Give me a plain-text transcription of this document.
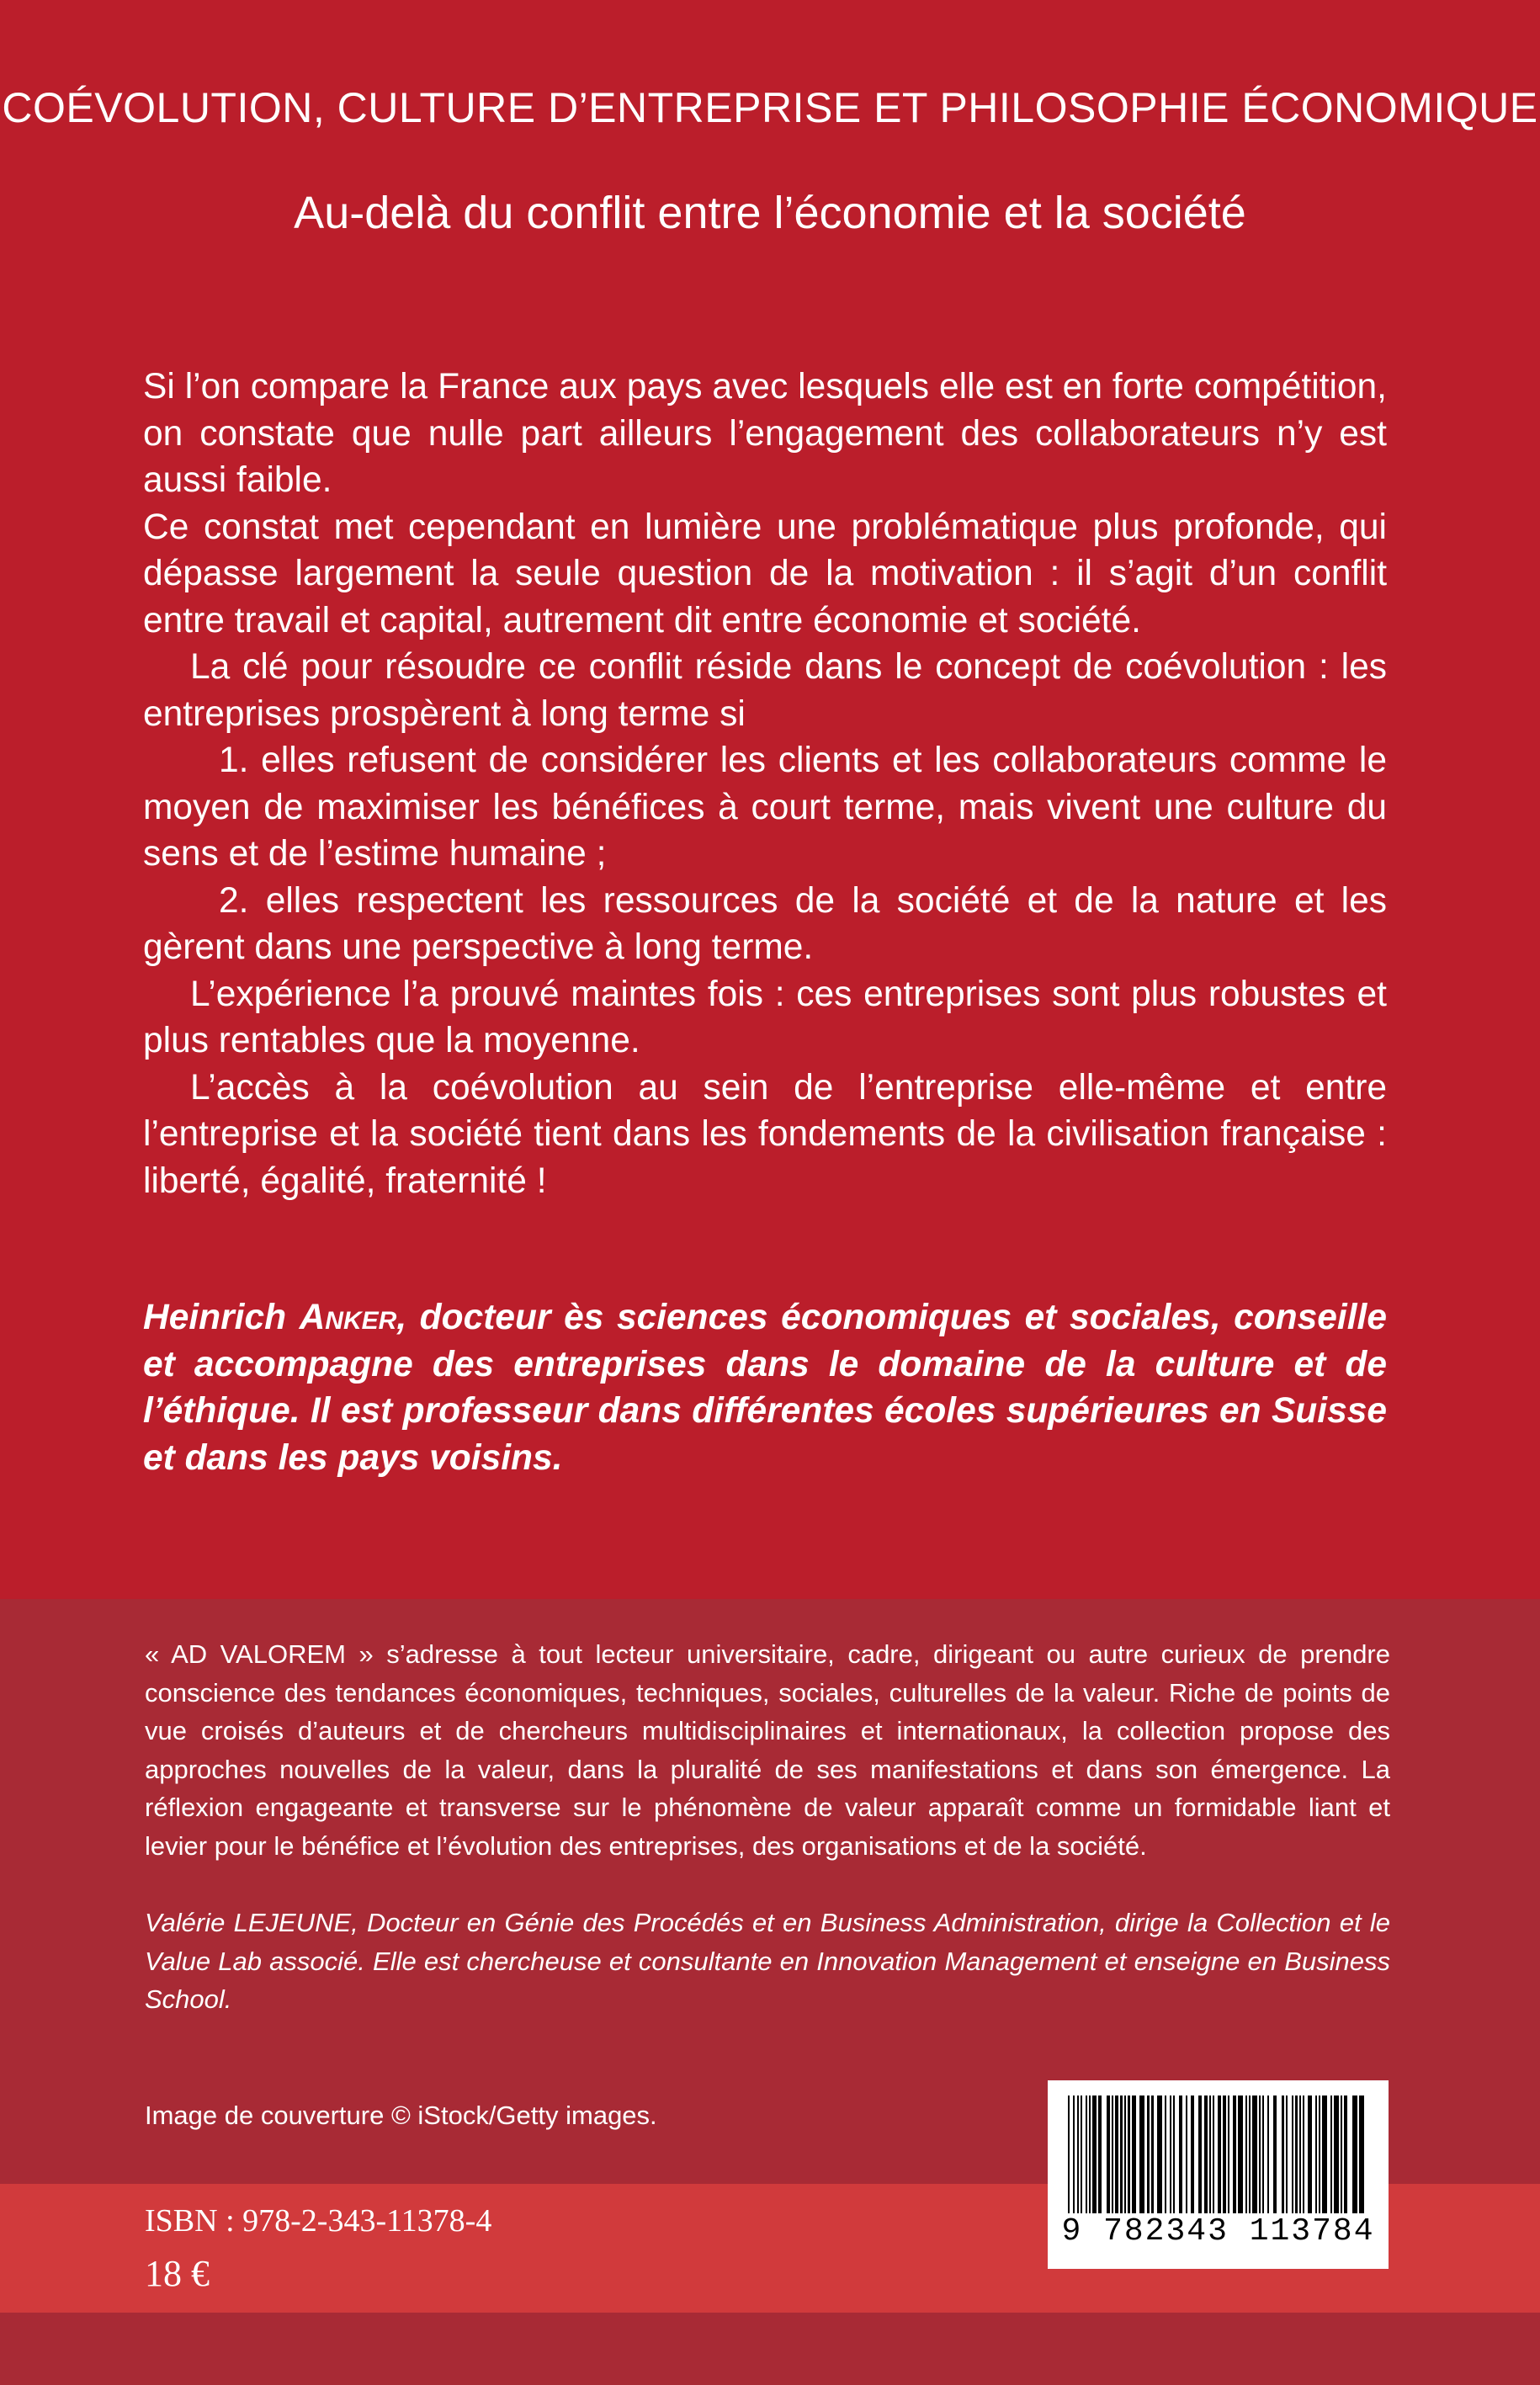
COÉVOLUTION, CULTURE D’ENTREPRISE ET PHILOSOPHIE ÉCONOMIQUE
Au-delà du conflit entre l’économie et la société

Si l’on compare la France aux pays avec lesquels elle est en forte compétition, on constate que nulle part ailleurs l’engagement des collaborateurs n’y est aussi faible.

Ce constat met cependant en lumière une problématique plus profonde, qui dépasse largement la seule question de la motivation : il s’agit d’un conflit entre travail et capital, autrement dit entre économie et société.

La clé pour résoudre ce conflit réside dans le concept de coévolution : les entreprises prospèrent à long terme si

1. elles refusent de considérer les clients et les collaborateurs comme le moyen de maximiser les bénéfices à court terme, mais vivent une culture du sens et de l’estime humaine ;

2. elles respectent les ressources de la société et de la nature et les gèrent dans une perspective à long terme.

L’expérience l’a prouvé maintes fois : ces entreprises sont plus robustes et plus rentables que la moyenne.

L’accès à la coévolution au sein de l’entreprise elle-même et entre l’entreprise et la société tient dans les fondements de la civilisation française : liberté, égalité, fraternité !

Heinrich Anker, docteur ès sciences économiques et sociales, conseille et accompagne des entreprises dans le domaine de la culture et de l’éthique. Il est professeur dans différentes écoles supérieures en Suisse et dans les pays voisins.
« AD VALOREM » s’adresse à tout lecteur universitaire, cadre, dirigeant ou autre curieux de prendre conscience des tendances économiques, techniques, sociales, culturelles de la valeur. Riche de points de vue croisés d’auteurs et de chercheurs multidisciplinaires et internationaux, la collection propose des approches nouvelles de la valeur, dans la pluralité de ses manifestations et dans son émergence. La réflexion engageante et transverse sur le phénomène de valeur apparaît comme un formidable liant et levier pour le bénéfice et l’évolution des entreprises, des organisations et de la société.
Valérie LEJEUNE, Docteur en Génie des Procédés et en Business Administration, dirige la Collection et le Value Lab associé. Elle est chercheuse et consultante en Innovation Management et enseigne en Business School.
Image de couverture © iStock/Getty images.
ISBN : 978-2-343-11378-4
18 €
9 782343 113784
